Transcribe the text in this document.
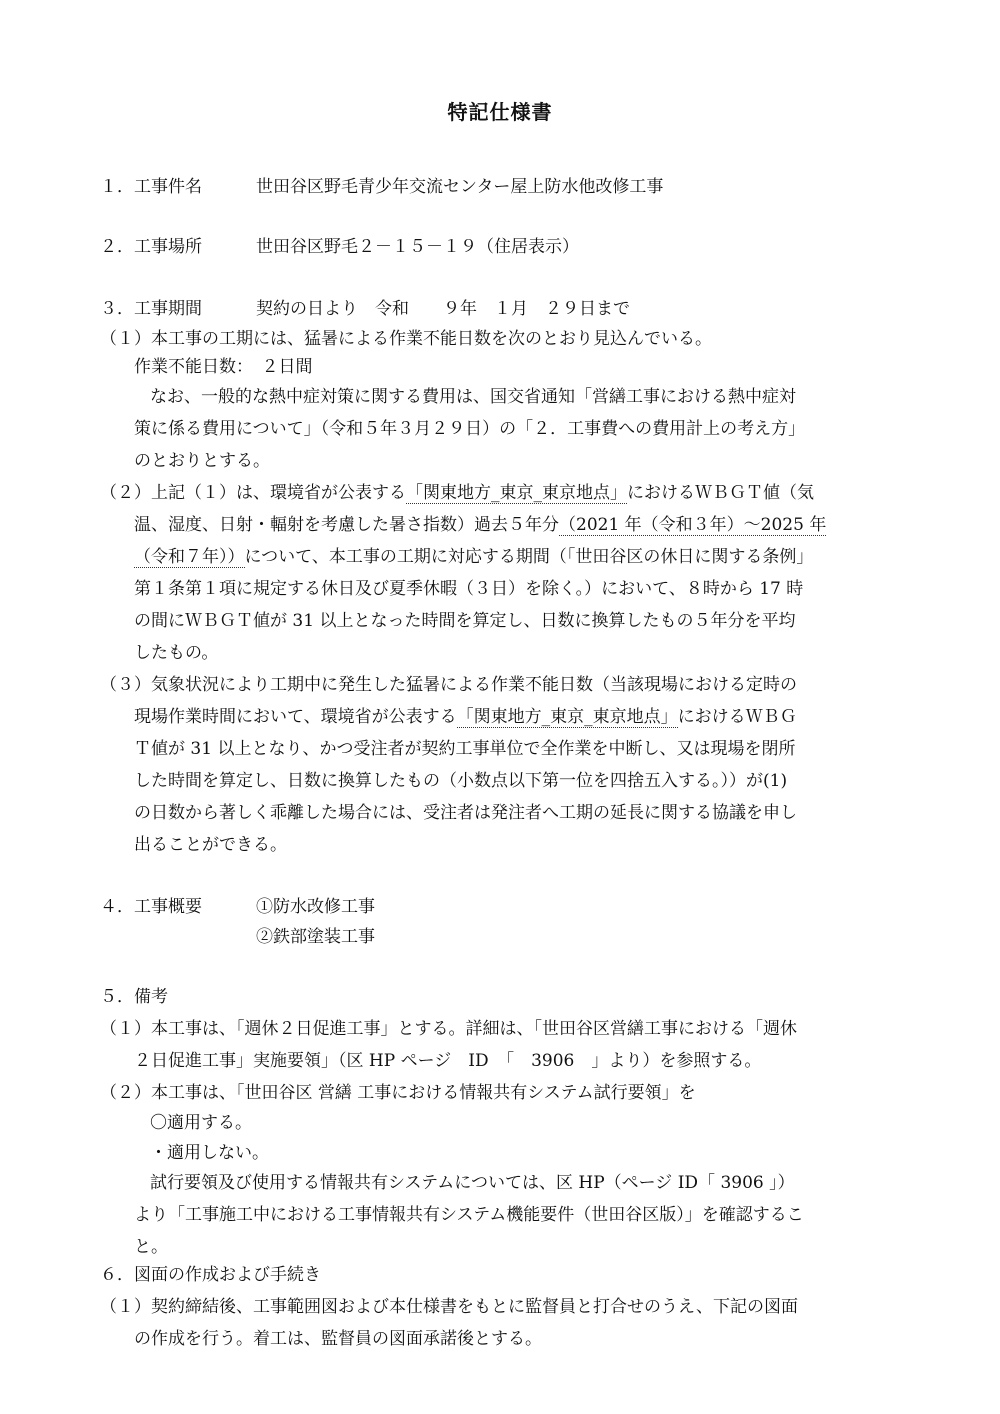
特記仕様書
１．工事件名	世田谷区野毛青少年交流センター屋上防水他改修工事
２．工事場所	世田谷区野毛２－１５－１９（住居表示）
３．工事期間	契約の日より　令和　　９年　１月　２９日まで
（１）本工事の工期には、猛暑による作業不能日数を次のとおり見込んでいる。
作業不能日数：　２日間
なお、一般的な熱中症対策に関する費用は、国交省通知「営繕工事における熱中症対
策に係る費用について」（令和５年３月２９日）の「２．工事費への費用計上の考え方」
のとおりとする。
（２）上記（１）は、環境省が公表する「関東地方_東京_東京地点」におけるＷＢＧＴ値（気
温、湿度、日射・輻射を考慮した暑さ指数）過去５年分（2021 年（令和３年）～2025 年
（令和７年））について、本工事の工期に対応する期間（「世田谷区の休日に関する条例」
第１条第１項に規定する休日及び夏季休暇（３日）を除く。）において、８時から 17 時
の間にＷＢＧＴ値が 31 以上となった時間を算定し、日数に換算したもの５年分を平均
したもの。
（３）気象状況により工期中に発生した猛暑による作業不能日数（当該現場における定時の
現場作業時間において、環境省が公表する「関東地方_東京_東京地点」におけるＷＢＧ
Ｔ値が 31 以上となり、かつ受注者が契約工事単位で全作業を中断し、又は現場を閉所
した時間を算定し、日数に換算したもの（小数点以下第一位を四捨五入する。））が(1)
の日数から著しく乖離した場合には、受注者は発注者へ工期の延長に関する協議を申し
出ることができる。
４．工事概要	①防水改修工事
②鉄部塗装工事
５．備考
（１）本工事は、「週休２日促進工事」とする。詳細は、「世田谷区営繕工事における「週休
２日促進工事」実施要領」（区 HP ページ　ID　「　3906　」より）を参照する。
（２）本工事は、「世田谷区 営繕 工事における情報共有システム試行要領」を
〇適用する。
・適用しない。
試行要領及び使用する情報共有システムについては、区 HP（ページ ID「 3906 」）
より「工事施工中における工事情報共有システム機能要件（世田谷区版）」を確認するこ
と。
６．図面の作成および手続き
（１）契約締結後、工事範囲図および本仕様書をもとに監督員と打合せのうえ、下記の図面
の作成を行う。着工は、監督員の図面承諾後とする。
